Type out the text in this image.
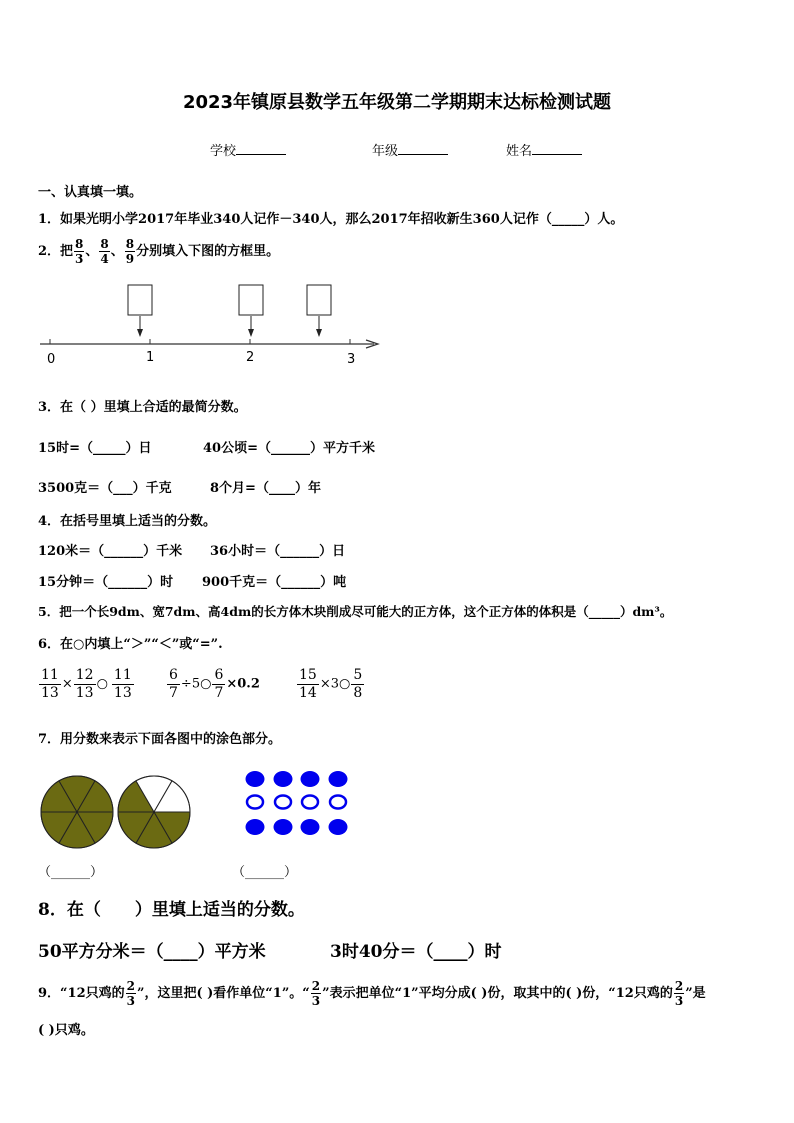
2023年镇原县数学五年级第二学期期末达标检测试题
学校	年级	姓名
一、认真填一填。
1．如果光明小学2017年毕业340人记作－340人，那么2017年招收新生360人记作（_____）人。
2．把 $\frac{8}{3}$ 、 $\frac{8}{4}$ 、 $\frac{8}{9}$ 分别填入下图的方框里。
0	1	2	3
3．在（ ）里填上合适的最简分数。
15时=（_____）日	40公顷=（______）平方千米
3500克＝（___）千克	8个月=（____）年
4．在括号里填上适当的分数。
120米＝（______）千米 36小时＝（______）日
15分钟＝（______）时 900千克＝（______）吨
5．把一个长9dm、宽7dm、高4dm的长方体木块削成尽可能大的正方体，这个正方体的体积是（_____）dm³。
6．在○内填上“＞”“＜”或“=”.
$\frac{11}{13} \times \frac{12}{13}$ ○ $\frac{11}{13} \frac{6}{7}$ ÷5○ $\frac{6}{7} \times 0.2$	$\frac{15}{14}$ ×3○ $\frac{5}{8}$
7．用分数来表示下面各图中的涂色部分。
（______）	（______）
8．在（　　）里填上适当的分数。
50平方分米＝（____）平方米	3时40分＝（____）时
9．“12只鸡的 $\frac{2}{3}$ ”，这里把( )看作单位“1”。“ $\frac{2}{3}$ ”表示把单位“1”平均分成( )份，取其中的( )份，“12只鸡的 $\frac{2}{3}$ ”是
( )只鸡。
